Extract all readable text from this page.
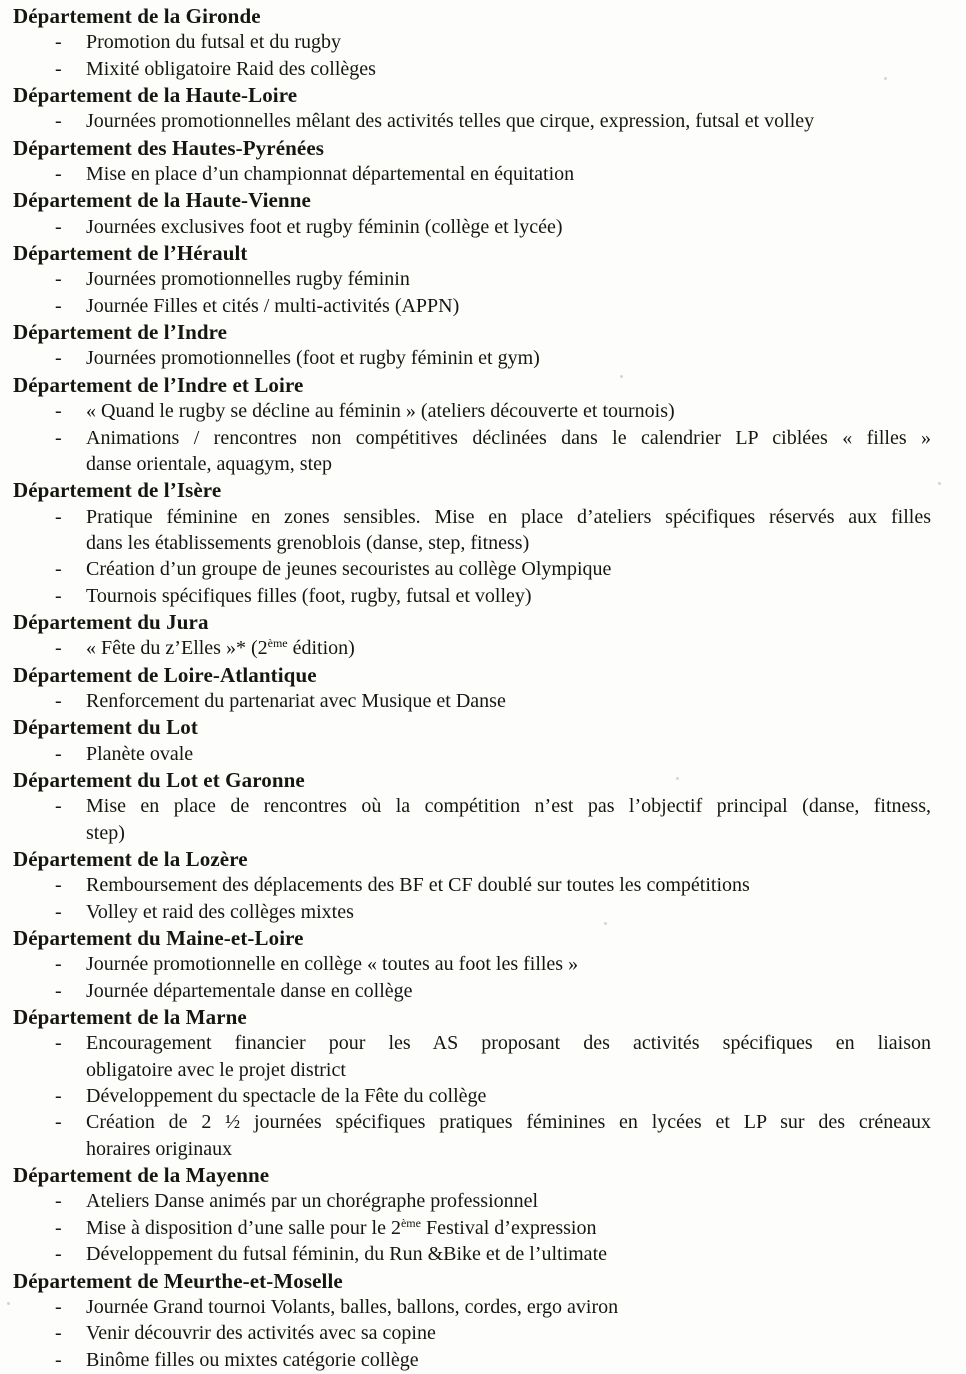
Département de la Gironde
-	Promotion du futsal et du rugby
-	Mixité obligatoire Raid des collèges
Département de la Haute-Loire
-	Journées promotionnelles mêlant des activités telles que cirque, expression, futsal et volley
Département des Hautes-Pyrénées
-	Mise en place d’un championnat départemental en équitation
Département de la Haute-Vienne
-	Journées exclusives foot et rugby féminin (collège et lycée)
Département de l’Hérault
-	Journées promotionnelles rugby féminin
-	Journée Filles et cités / multi-activités (APPN)
Département de l’Indre
-	Journées promotionnelles (foot et rugby féminin et gym)
Département de l’Indre et Loire
-	« Quand le rugby se décline au féminin » (ateliers découverte et tournois)
-	Animations / rencontres non compétitives déclinées dans le calendrier LP ciblées « filles »
danse orientale, aquagym, step
Département de l’Isère
-	Pratique féminine en zones sensibles. Mise en place d’ateliers spécifiques réservés aux filles
dans les établissements grenoblois (danse, step, fitness)
-	Création d’un groupe de jeunes secouristes au collège Olympique
-	Tournois spécifiques filles (foot, rugby, futsal et volley)
Département du Jura
-	« Fête du z’Elles »* (2ème édition)
Département de Loire-Atlantique
-	Renforcement du partenariat avec Musique et Danse
Département du Lot
-	Planète ovale
Département du Lot et Garonne
-	Mise en place de rencontres où la compétition n’est pas l’objectif principal (danse, fitness,
step)
Département de la Lozère
-	Remboursement des déplacements des BF et CF doublé sur toutes les compétitions
-	Volley et raid des collèges mixtes
Département du Maine-et-Loire
-	Journée promotionnelle en collège « toutes au foot les filles »
-	Journée départementale danse en collège
Département de la Marne
-	Encouragement financier pour les AS proposant des activités spécifiques en liaison
obligatoire avec le projet district
-	Développement du spectacle de la Fête du collège
-	Création de 2 ½ journées spécifiques pratiques féminines en lycées et LP sur des créneaux
horaires originaux
Département de la Mayenne
-	Ateliers Danse animés par un chorégraphe professionnel
-	Mise à disposition d’une salle pour le 2ème Festival d’expression
-	Développement du futsal féminin, du Run &Bike et de l’ultimate
Département de Meurthe-et-Moselle
-	Journée Grand tournoi Volants, balles, ballons, cordes, ergo aviron
-	Venir découvrir des activités avec sa copine
-	Binôme filles ou mixtes catégorie collège
